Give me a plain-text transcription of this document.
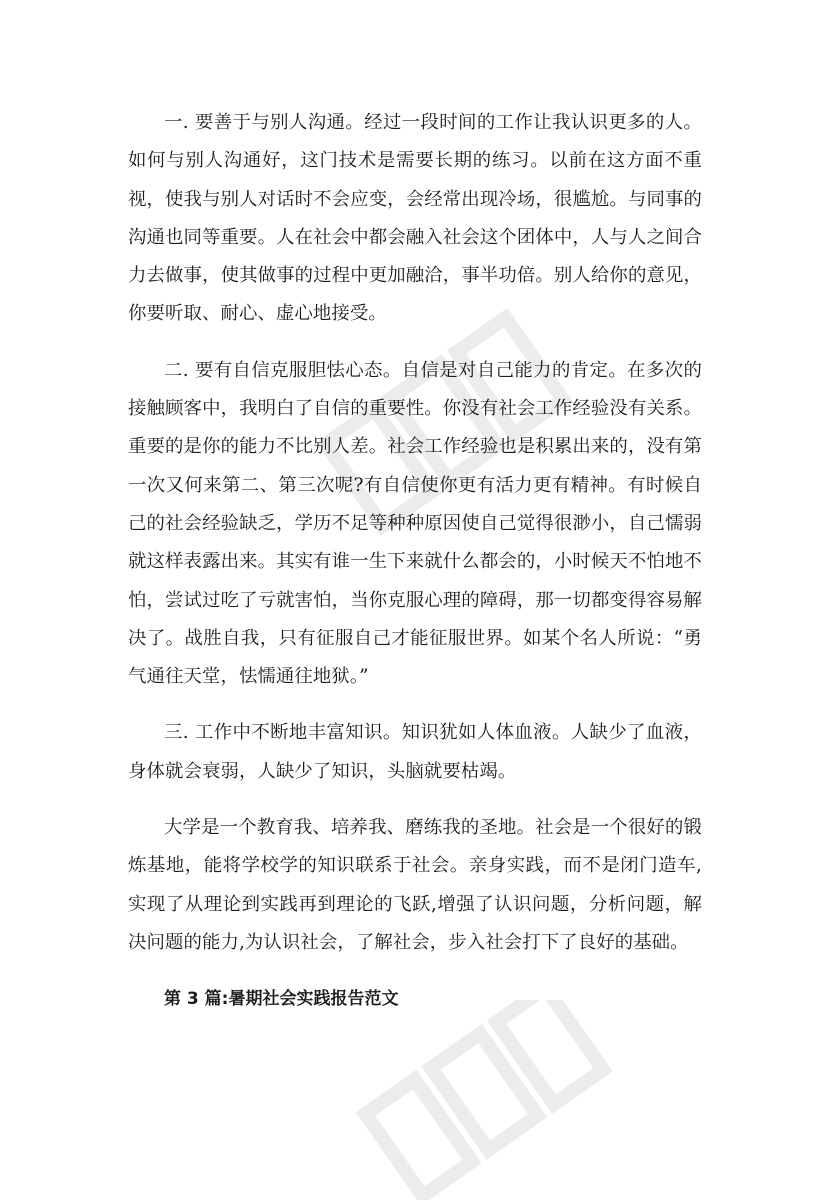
一. 要善于与别人沟通。经过一段时间的工作让我认识更多的人。如何与别人沟通好，这门技术是需要长期的练习。以前在这方面不重视，使我与别人对话时不会应变，会经常出现冷场，很尴尬。与同事的沟通也同等重要。人在社会中都会融入社会这个团体中，人与人之间合力去做事，使其做事的过程中更加融洽，事半功倍。别人给你的意见，你要听取、耐心、虚心地接受。

二. 要有自信克服胆怯心态。自信是对自己能力的肯定。在多次的接触顾客中，我明白了自信的重要性。你没有社会工作经验没有关系。重要的是你的能力不比别人差。社会工作经验也是积累出来的，没有第一次又何来第二、第三次呢?有自信使你更有活力更有精神。有时候自己的社会经验缺乏，学历不足等种种原因使自己觉得很渺小，自己懦弱就这样表露出来。其实有谁一生下来就什么都会的，小时候天不怕地不怕，尝试过吃了亏就害怕，当你克服心理的障碍，那一切都变得容易解决了。战胜自我，只有征服自己才能征服世界。如某个名人所说：“勇气通往天堂，怯懦通往地狱。”

三. 工作中不断地丰富知识。知识犹如人体血液。人缺少了血液，身体就会衰弱，人缺少了知识，头脑就要枯竭。

大学是一个教育我、培养我、磨练我的圣地。社会是一个很好的锻炼基地，能将学校学的知识联系于社会。亲身实践，而不是闭门造车,实现了从理论到实践再到理论的飞跃,增强了认识问题，分析问题，解决问题的能力,为认识社会，了解社会，步入社会打下了良好的基础。

第 3 篇:暑期社会实践报告范文
